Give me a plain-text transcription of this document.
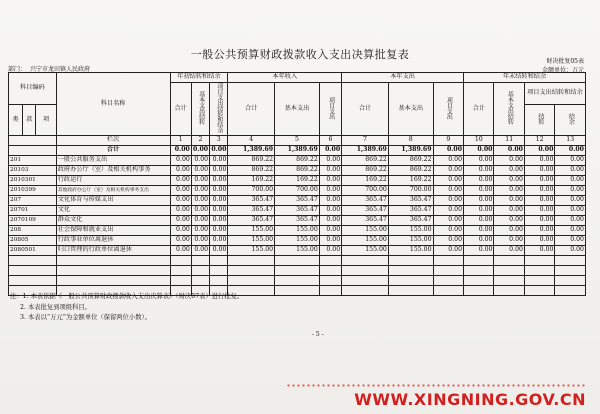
一般公共预算财政拨款收入支出决算批复表
财决批复05表
金额单位：万元
部门： 兴宁市龙田镇人民政府
科目编码			科目名称	年初结转和结余			本年收入			本年支出			年末结转和结余			
				合计	基本支出结转	项目支出结转和结余	合计	基本支出	项目支出	合计	基本支出	项目支出	合计	基本支出结转	项目支出结转和结余	
类	款	项													结转	结余
			栏次	1	2	3	4	5	6	7	8	9	10	11	12	13
			合计	0.00	0.00	0.00	1,389.69	1,389.69	0.00	1,389.69	1,389.69	0.00	0.00	0.00	0.00	0.00
201			一般公共服务支出	0.00	0.00	0.00	869.22	869.22	0.00	869.22	869.22	0.00	0.00	0.00	0.00	0.00
20103			政府办公厅（室）及相关机构事务	0.00	0.00	0.00	869.22	869.22	0.00	869.22	869.22	0.00	0.00	0.00	0.00	0.00
2010301			行政运行	0.00	0.00	0.00	169.22	169.22	0.00	169.22	169.22	0.00	0.00	0.00	0.00	0.00
2010399			其他政府办公厅（室）及相关机构事务支出	0.00	0.00	0.00	700.00	700.00	0.00	700.00	700.00	0.00	0.00	0.00	0.00	0.00
207			文化体育与传媒支出	0.00	0.00	0.00	365.47	365.47	0.00	365.47	365.47	0.00	0.00	0.00	0.00	0.00
20701			文化	0.00	0.00	0.00	365.47	365.47	0.00	365.47	365.47	0.00	0.00	0.00	0.00	0.00
2070109			群众文化	0.00	0.00	0.00	365.47	365.47	0.00	365.47	365.47	0.00	0.00	0.00	0.00	0.00
208			社会保障和就业支出	0.00	0.00	0.00	155.00	155.00	0.00	155.00	155.00	0.00	0.00	0.00	0.00	0.00
20805			行政事业单位离退休	0.00	0.00	0.00	155.00	155.00	0.00	155.00	155.00	0.00	0.00	0.00	0.00	0.00
2080501			归口管理的行政单位离退休	0.00	0.00	0.00	155.00	155.00	0.00	155.00	155.00	0.00	0.00	0.00	0.00	0.00

注：1. 本表依据《一般公共预算财政拨款收入支出决算表》（财决07表）进行批复。
2. 本表批复到项级科目。
3. 本表以“万元”为金额单位（保留两位小数）。
- 5 -
WWW.XINGNING.GOV.CN
